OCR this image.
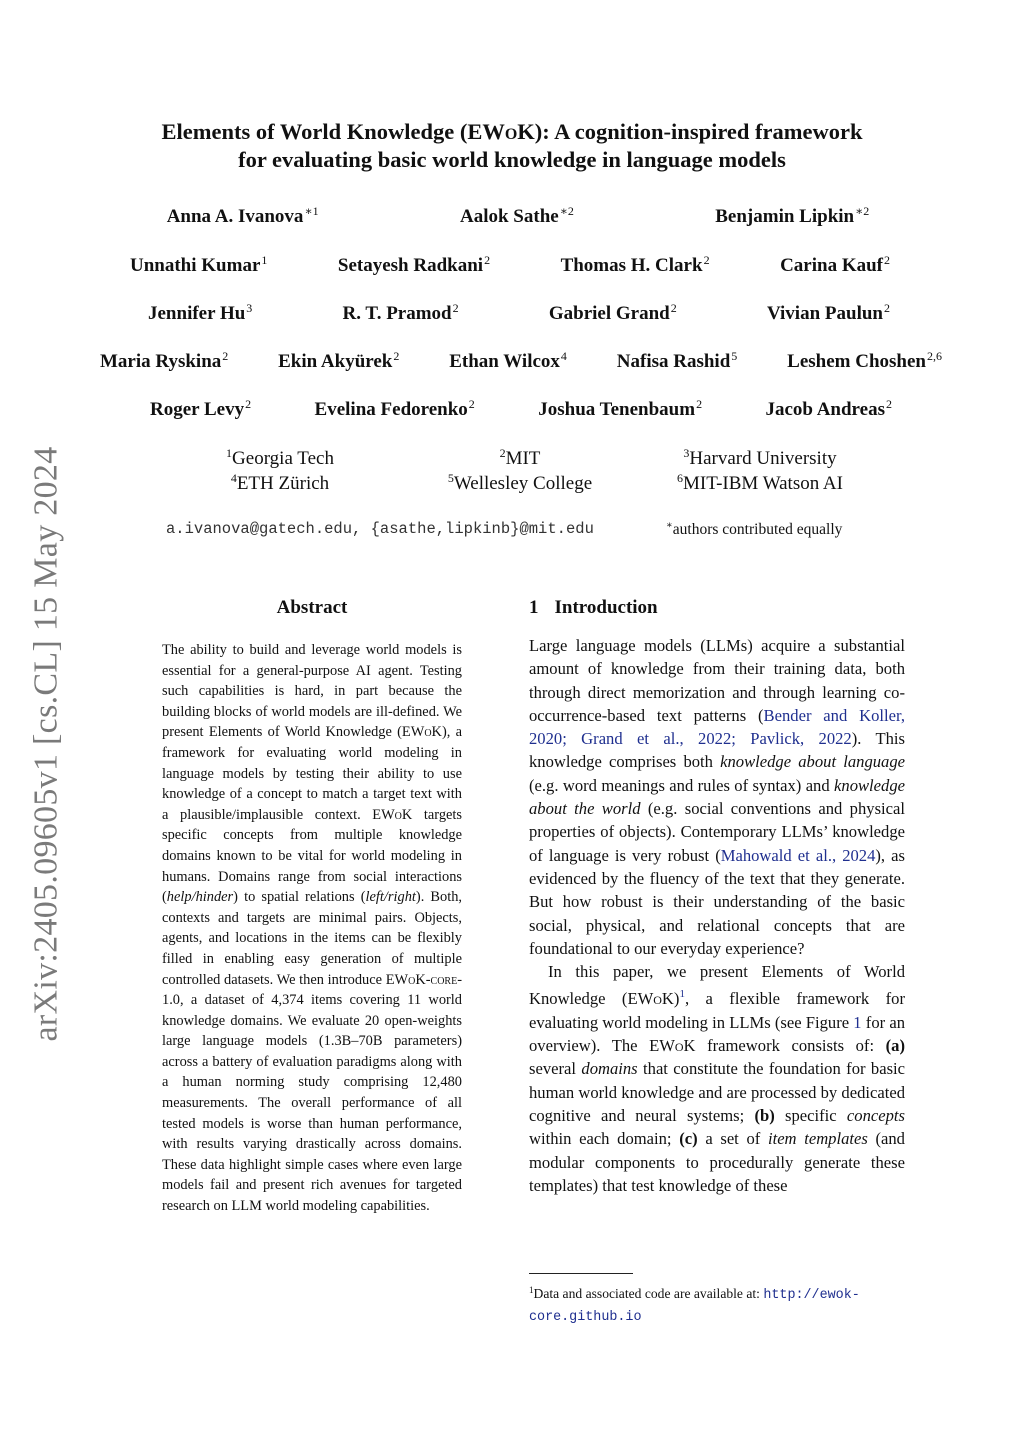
arXiv:2405.09605v1 [cs.CL] 15 May 2024
Elements of World Knowledge (EWoK): A cognition-inspired framework
for evaluating basic world knowledge in language models
Anna A. Ivanova$^{∗1}$	Aalok Sathe$^{∗2}$	Benjamin Lipkin$^{∗2}$
Unnathi Kumar$^1$	Setayesh Radkani$^2$	Thomas H. Clark$^2$	Carina Kauf$^2$
Jennifer Hu$^3$	R. T. Pramod$^2$	Gabriel Grand$^2$	Vivian Paulun$^2$
Maria Ryskina$^2$	Ekin Akyürek$^2$	Ethan Wilcox$^4$	Nafisa Rashid$^5$	Leshem Choshen$^{2,6}$
Roger Levy$^2$	Evelina Fedorenko$^2$	Joshua Tenenbaum$^2$	Jacob Andreas$^2$
$^1$Georgia Tech	$^2$MIT	$^3$Harvard University
$^4$ETH Zürich	$^5$Wellesley College	$^6$MIT-IBM Watson AI
a.ivanova@gatech.edu, {asathe,lipkinb}@mit.edu	∗authors contributed equally
Abstract
The ability to build and leverage world models is essential for a general-purpose AI agent. Testing such capabilities is hard, in part because the building blocks of world models are ill-defined. We present Elements of World Knowledge (EWoK), a framework for evaluating world modeling in language models by testing their ability to use knowledge of a concept to match a target text with a plausible/implausible context. EWoK targets specific concepts from multiple knowledge domains known to be vital for world modeling in humans. Domains range from social interactions (help/hinder) to spatial relations (left/right). Both, contexts and targets are minimal pairs. Objects, agents, and locations in the items can be flexibly filled in enabling easy generation of multiple controlled datasets. We then introduce EWoK-core-1.0, a dataset of 4,374 items covering 11 world knowledge domains. We evaluate 20 open-weights large language models (1.3B–70B parameters) across a battery of evaluation paradigms along with a human norming study comprising 12,480 measurements. The overall performance of all tested models is worse than human performance, with results varying drastically across domains. These data highlight simple cases where even large models fail and present rich avenues for targeted research on LLM world modeling capabilities.
1 Introduction

Large language models (LLMs) acquire a substantial amount of knowledge from their training data, both through direct memorization and through learning co-occurrence-based text patterns (Bender and Koller, 2020; Grand et al., 2022; Pavlick, 2022). This knowledge comprises both knowledge about language (e.g. word meanings and rules of syntax) and knowledge about the world (e.g. social conventions and physical properties of objects). Contemporary LLMs’ knowledge of language is very robust (Mahowald et al., 2024), as evidenced by the fluency of the text that they generate. But how robust is their understanding of the basic social, physical, and relational concepts that are foundational to our everyday experience?

In this paper, we present Elements of World Knowledge (EWoK)$^1$, a flexible framework for evaluating world modeling in LLMs (see Figure 1 for an overview). The EWoK framework consists of: (a) several domains that constitute the foundation for basic human world knowledge and are processed by dedicated cognitive and neural systems; (b) specific concepts within each domain; (c) a set of item templates (and modular components to procedurally generate these templates) that test knowledge of these

$^1$Data and associated code are available at: http://ewok-core.github.io
